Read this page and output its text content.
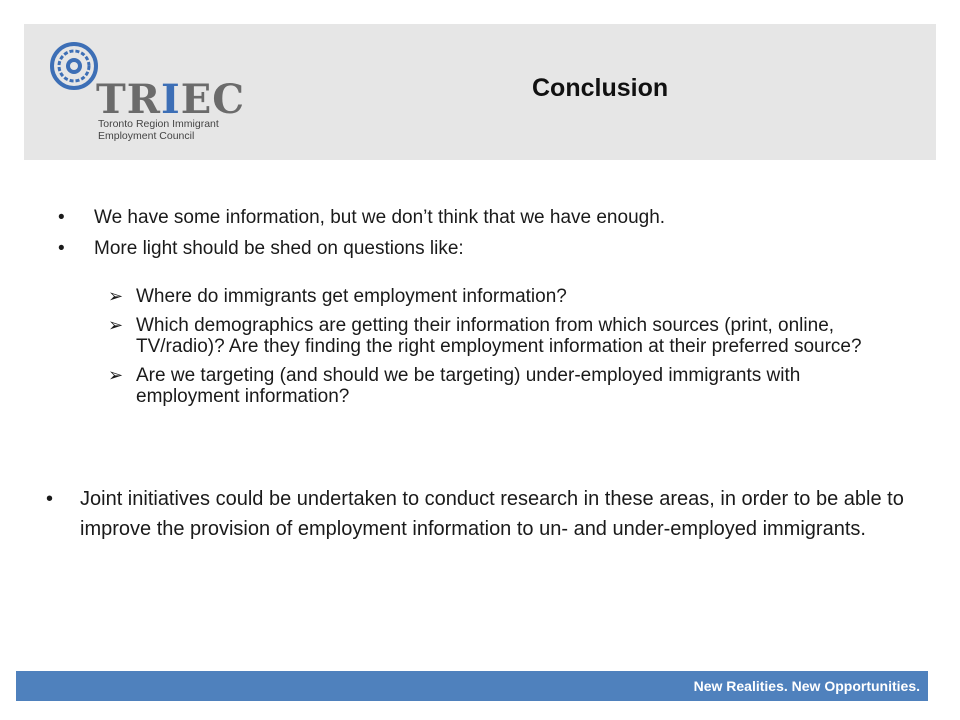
TRIEC
Toronto Region Immigrant
Employment Council
Conclusion
• We have some information, but we don’t think that we have enough.
• More light should be shed on questions like:
➢ Where do immigrants get employment information?
➢ Which demographics are getting their information from which sources (print, online, TV/radio)? Are they finding the right employment information at their preferred source?
➢ Are we targeting (and should we be targeting) under-employed immigrants with employment information?
•	Joint initiatives could be undertaken to conduct research in these areas, in order to be able to improve the provision of employment information to un- and under-employed immigrants.
New Realities. New Opportunities.
